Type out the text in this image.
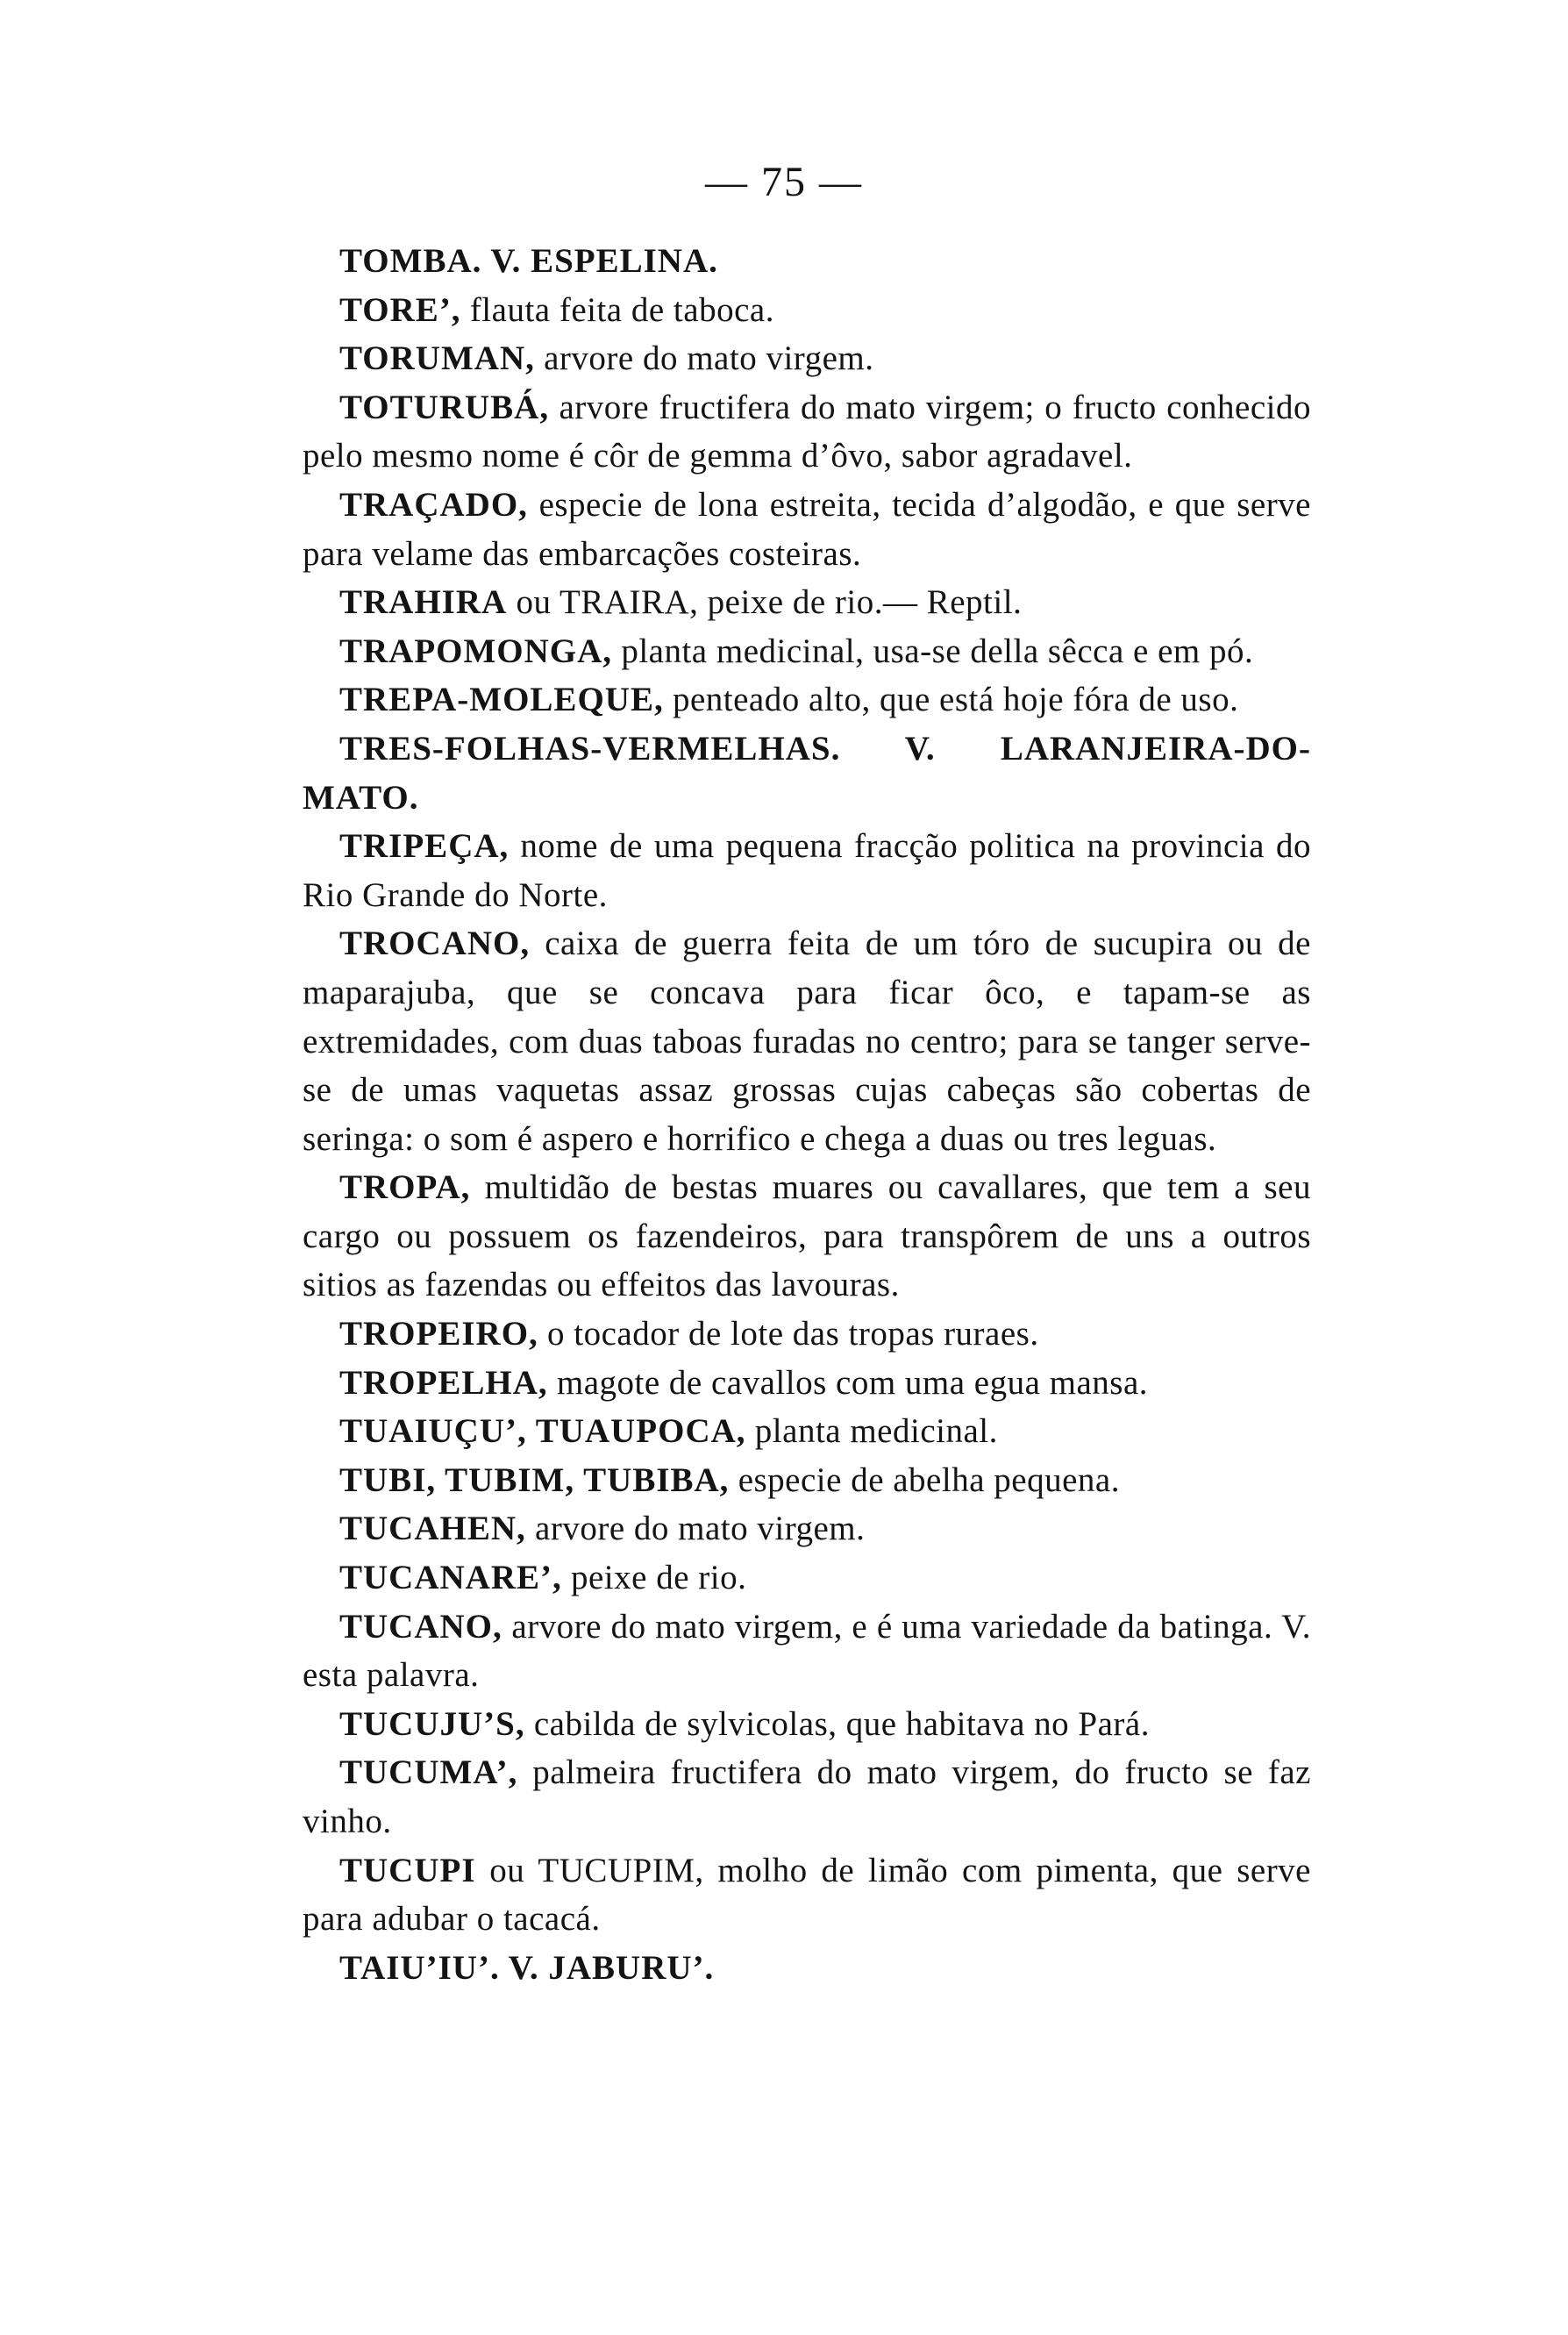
— 75 —

TOMBA. V. ESPELINA.

TORE’, flauta feita de taboca.

TORUMAN, arvore do mato virgem.

TOTURUBÁ, arvore fructifera do mato virgem; o fructo conhecido pelo mesmo nome é côr de gemma d’ôvo, sabor agradavel.

TRAÇADO, especie de lona estreita, tecida d’algodão, e que serve para velame das embarcações costeiras.

TRAHIRA ou TRAIRA, peixe de rio.— Reptil.

TRAPOMONGA, planta medicinal, usa-se della sêcca e em pó.

TREPA-MOLEQUE, penteado alto, que está hoje fóra de uso.

TRES-FOLHAS-VERMELHAS. V. LARANJEIRA-DO-MATO.

TRIPEÇA, nome de uma pequena fracção politica na provincia do Rio Grande do Norte.

TROCANO, caixa de guerra feita de um tóro de sucupira ou de maparajuba, que se concava para ficar ôco, e tapam-se as extremidades, com duas taboas furadas no centro; para se tanger serve-se de umas vaquetas assaz grossas cujas cabeças são cobertas de seringa: o som é aspero e horrifico e chega a duas ou tres leguas.

TROPA, multidão de bestas muares ou cavallares, que tem a seu cargo ou possuem os fazendeiros, para transpôrem de uns a outros sitios as fazendas ou effeitos das lavouras.

TROPEIRO, o tocador de lote das tropas ruraes.

TROPELHA, magote de cavallos com uma egua mansa.

TUAIUÇU’, TUAUPOCA, planta medicinal.

TUBI, TUBIM, TUBIBA, especie de abelha pequena.

TUCAHEN, arvore do mato virgem.

TUCANARE’, peixe de rio.

TUCANO, arvore do mato virgem, e é uma variedade da batinga. V. esta palavra.

TUCUJU’S, cabilda de sylvicolas, que habitava no Pará.

TUCUMA’, palmeira fructifera do mato virgem, do fructo se faz vinho.

TUCUPI ou TUCUPIM, molho de limão com pimenta, que serve para adubar o tacacá.

TAIU’IU’. V. JABURU’.
